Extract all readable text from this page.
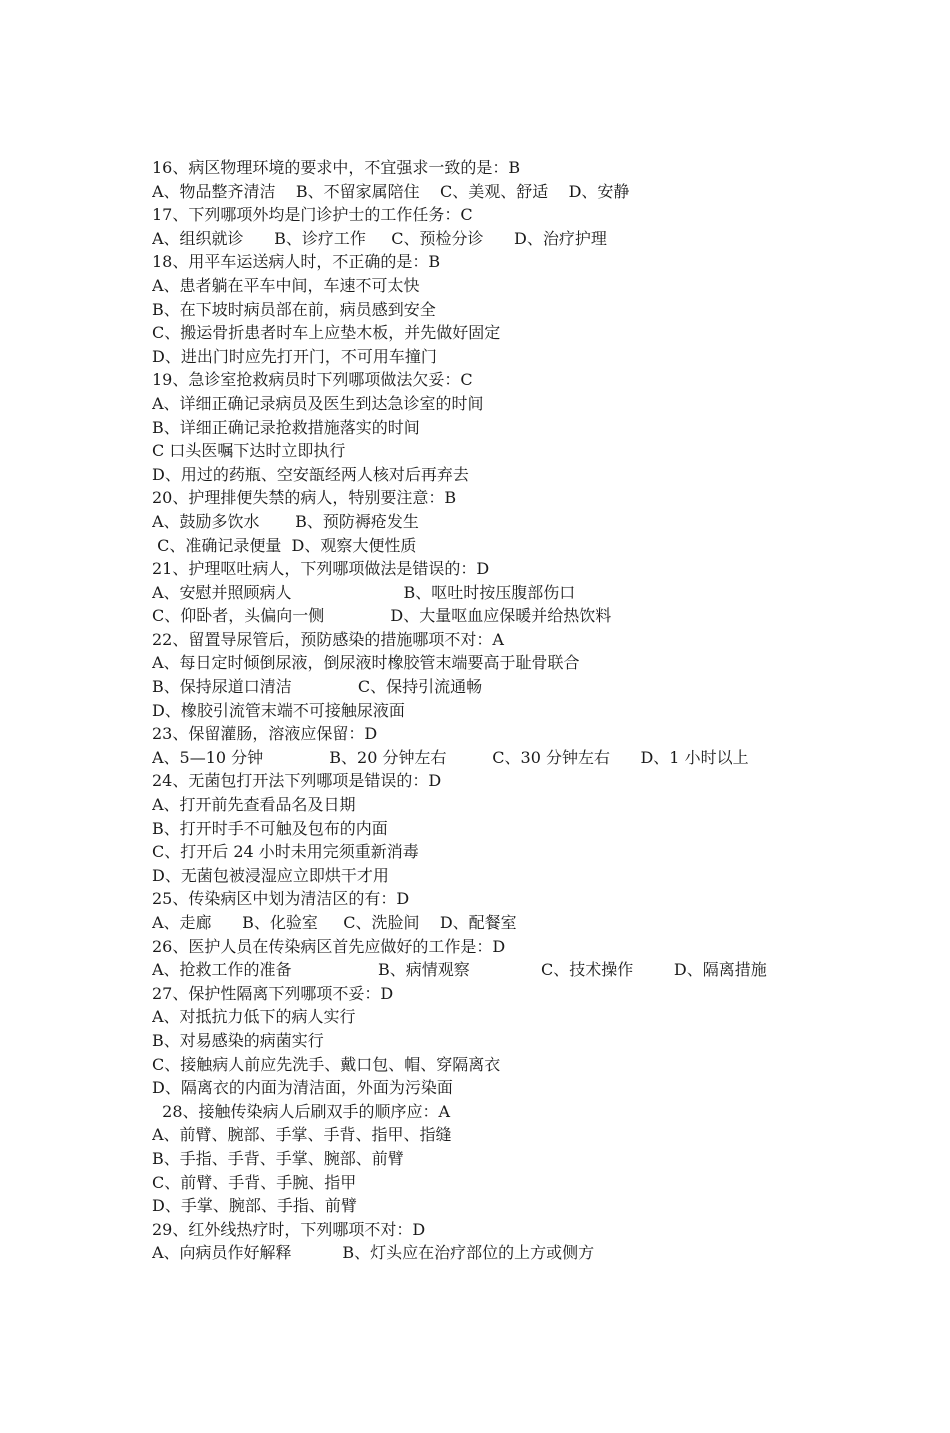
16、病区物理环境的要求中，不宜强求一致的是：B
A、物品整齐清洁    B、不留家属陪住    C、美观、舒适    D、安静
17、下列哪项外均是门诊护士的工作任务：C
A、组织就诊      B、诊疗工作     C、预检分诊      D、治疗护理
18、用平车运送病人时，不正确的是：B
A、患者躺在平车中间，车速不可太快
B、在下坡时病员部在前，病员感到安全
C、搬运骨折患者时车上应垫木板，并先做好固定
D、进出门时应先打开门，不可用车撞门
19、急诊室抢救病员时下列哪项做法欠妥：C
A、详细正确记录病员及医生到达急诊室的时间
B、详细正确记录抢救措施落实的时间
C 口头医嘱下达时立即执行
D、用过的药瓶、空安瓿经两人核对后再弃去
20、护理排便失禁的病人，特别要注意：B
A、鼓励多饮水       B、预防褥疮发生
C、准确记录便量  D、观察大便性质
21、护理呕吐病人，下列哪项做法是错误的：D
A、安慰并照顾病人                      B、呕吐时按压腹部伤口
C、仰卧者，头偏向一侧             D、大量呕血应保暖并给热饮料
22、留置导尿管后，预防感染的措施哪项不对：A
A、每日定时倾倒尿液，倒尿液时橡胶管末端要高于耻骨联合
B、保持尿道口清洁             C、保持引流通畅
D、橡胶引流管末端不可接触尿液面
23、保留灌肠，溶液应保留：D
A、5—10 分钟             B、20 分钟左右         C、30 分钟左右      D、1 小时以上
24、无菌包打开法下列哪项是错误的：D
A、打开前先查看品名及日期
B、打开时手不可触及包布的内面
C、打开后 24 小时未用完须重新消毒
D、无菌包被浸湿应立即烘干才用
25、传染病区中划为清洁区的有：D
A、走廊      B、化验室     C、洗脸间    D、配餐室
26、医护人员在传染病区首先应做好的工作是：D
A、抢救工作的准备                 B、病情观察              C、技术操作        D、隔离措施
27、保护性隔离下列哪项不妥：D
A、对抵抗力低下的病人实行
B、对易感染的病菌实行
C、接触病人前应先洗手、戴口包、帽、穿隔离衣
D、隔离衣的内面为清洁面，外面为污染面
28、接触传染病人后刷双手的顺序应：A
A、前臂、腕部、手掌、手背、指甲、指缝
B、手指、手背、手掌、腕部、前臂
C、前臂、手背、手腕、指甲
D、手掌、腕部、手指、前臂
29、红外线热疗时，下列哪项不对：D
A、向病员作好解释          B、灯头应在治疗部位的上方或侧方
